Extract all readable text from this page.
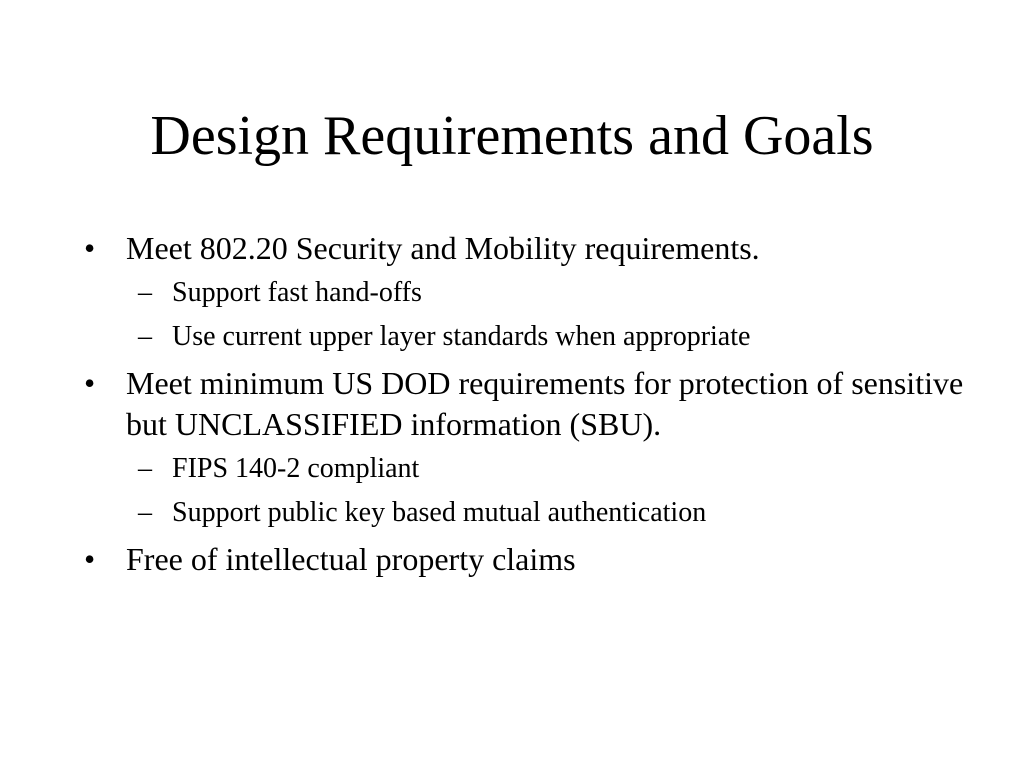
Design Requirements and Goals
• Meet 802.20 Security and Mobility requirements.
– Support fast hand-offs
– Use current upper layer standards when appropriate
• Meet minimum US DOD requirements for protection of sensitive but UNCLASSIFIED information (SBU).
– FIPS 140-2 compliant
– Support public key based mutual authentication
• Free of intellectual property claims
